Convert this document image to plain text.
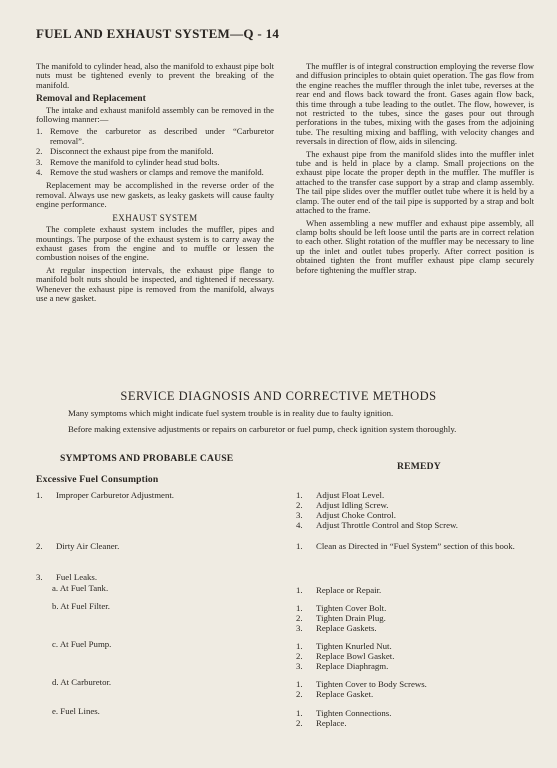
FUEL AND EXHAUST SYSTEM—Q - 14

The manifold to cylinder head, also the manifold to exhaust pipe bolt nuts must be tightened evenly to prevent the breaking of the manifold.

Removal and Replacement

The intake and exhaust manifold assembly can be removed in the following manner:—

1. Remove the carburetor as described under “Carburetor removal”.
2. Disconnect the exhaust pipe from the manifold.
3. Remove the manifold to cylinder head stud bolts.
4. Remove the stud washers or clamps and remove the manifold.

Replacement may be accomplished in the reverse order of the removal. Always use new gaskets, as leaky gaskets will cause faulty engine performance.

EXHAUST SYSTEM

The complete exhaust system includes the muffler, pipes and mountings. The purpose of the exhaust system is to carry away the exhaust gases from the engine and to muffle or lessen the combustion noises of the engine.

At regular inspection intervals, the exhaust pipe flange to manifold bolt nuts should be inspected, and tightened if necessary. Whenever the exhaust pipe is removed from the manifold, always use a new gasket.

The muffler is of integral construction employing the reverse flow and diffusion principles to obtain quiet operation. The gas flow from the engine reaches the muffler through the inlet tube, reverses at the rear end and flows back toward the front. Gases again flow back, this time through a tube leading to the outlet. The flow, however, is not restricted to the tubes, since the gases pour out through perforations in the tubes, mixing with the gases from the adjoining tube. The resulting mixing and baffling, with velocity changes and reversals in direction of flow, aids in silencing.

The exhaust pipe from the manifold slides into the muffler inlet tube and is held in place by a clamp. Small projections on the exhaust pipe locate the proper depth in the muffler. The muffler is attached to the transfer case support by a strap and clamp assembly. The tail pipe slides over the muffler outlet tube where it is held by a clamp. The outer end of the tail pipe is supported by a strap and bolt attached to the frame.

When assembling a new muffler and exhaust pipe assembly, all clamp bolts should be left loose until the parts are in correct relation to each other. Slight rotation of the muffler may be necessary to line up the inlet and outlet tubes properly. After correct position is obtained tighten the front muffler exhaust pipe clamp securely before tightening the muffler strap.

SERVICE DIAGNOSIS AND CORRECTIVE METHODS
Many symptoms which might indicate fuel system trouble is in reality due to faulty ignition.
Before making extensive adjustments or repairs on carburetor or fuel pump, check ignition system thoroughly.
SYMPTOMS AND PROBABLE CAUSE
REMEDY
Excessive Fuel Consumption
1. Improper Carburetor Adjustment.	1.	Adjust Float Level.
2.	Adjust Idling Screw.
3.	Adjust Choke Control.
4.	Adjust Throttle Control and Stop Screw.
2. Dirty Air Cleaner.	1.	Clean as Directed in “Fuel System” section of this book.
3. Fuel Leaks.
a. At Fuel Tank.	1.	Replace or Repair.
b. At Fuel Filter.	1.	Tighten Cover Bolt.
2.	Tighten Drain Plug.
3.	Replace Gaskets.
c. At Fuel Pump.	1.	Tighten Knurled Nut.
2.	Replace Bowl Gasket.
3.	Replace Diaphragm.
d. At Carburetor.	1.	Tighten Cover to Body Screws.
2.	Replace Gasket.
e. Fuel Lines.	1.	Tighten Connections.
2.	Replace.
